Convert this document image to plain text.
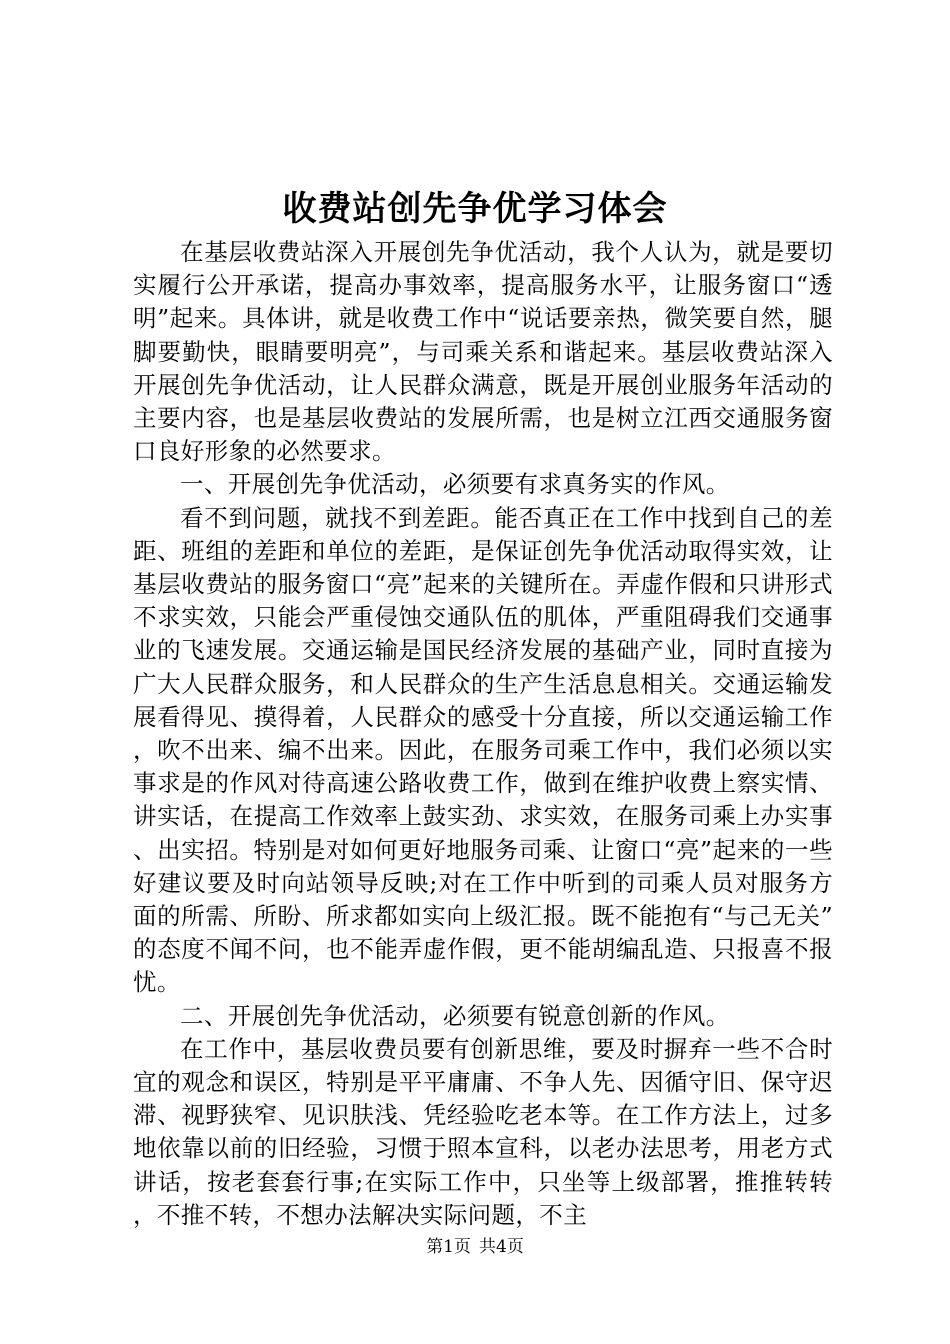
收费站创先争优学习体会

在基层收费站深入开展创先争优活动，我个人认为，就是要切实履行公开承诺，提高办事效率，提高服务水平，让服务窗口“透明”起来。具体讲，就是收费工作中“说话要亲热，微笑要自然，腿脚要勤快，眼睛要明亮”，与司乘关系和谐起来。基层收费站深入开展创先争优活动，让人民群众满意，既是开展创业服务年活动的主要内容，也是基层收费站的发展所需，也是树立江西交通服务窗口良好形象的必然要求。

一、开展创先争优活动，必须要有求真务实的作风。

看不到问题，就找不到差距。能否真正在工作中找到自己的差距、班组的差距和单位的差距，是保证创先争优活动取得实效，让基层收费站的服务窗口“亮”起来的关键所在。弄虚作假和只讲形式不求实效，只能会严重侵蚀交通队伍的肌体，严重阻碍我们交通事业的飞速发展。交通运输是国民经济发展的基础产业，同时直接为广大人民群众服务，和人民群众的生产生活息息相关。交通运输发展看得见、摸得着，人民群众的感受十分直接，所以交通运输工作，吹不出来、编不出来。因此，在服务司乘工作中，我们必须以实事求是的作风对待高速公路收费工作，做到在维护收费上察实情、讲实话，在提高工作效率上鼓实劲、求实效，在服务司乘上办实事、出实招。特别是对如何更好地服务司乘、让窗口“亮”起来的一些好建议要及时向站领导反映;对在工作中听到的司乘人员对服务方面的所需、所盼、所求都如实向上级汇报。既不能抱有“与己无关”的态度不闻不问，也不能弄虚作假，更不能胡编乱造、只报喜不报忧。

二、开展创先争优活动，必须要有锐意创新的作风。

在工作中，基层收费员要有创新思维，要及时摒弃一些不合时宜的观念和误区，特别是平平庸庸、不争人先、因循守旧、保守迟滞、视野狭窄、见识肤浅、凭经验吃老本等。在工作方法上，过多地依靠以前的旧经验，习惯于照本宣科，以老办法思考，用老方式讲话，按老套套行事;在实际工作中，只坐等上级部署，推推转转，不推不转，不想办法解决实际问题，不主

第1页 共4页
